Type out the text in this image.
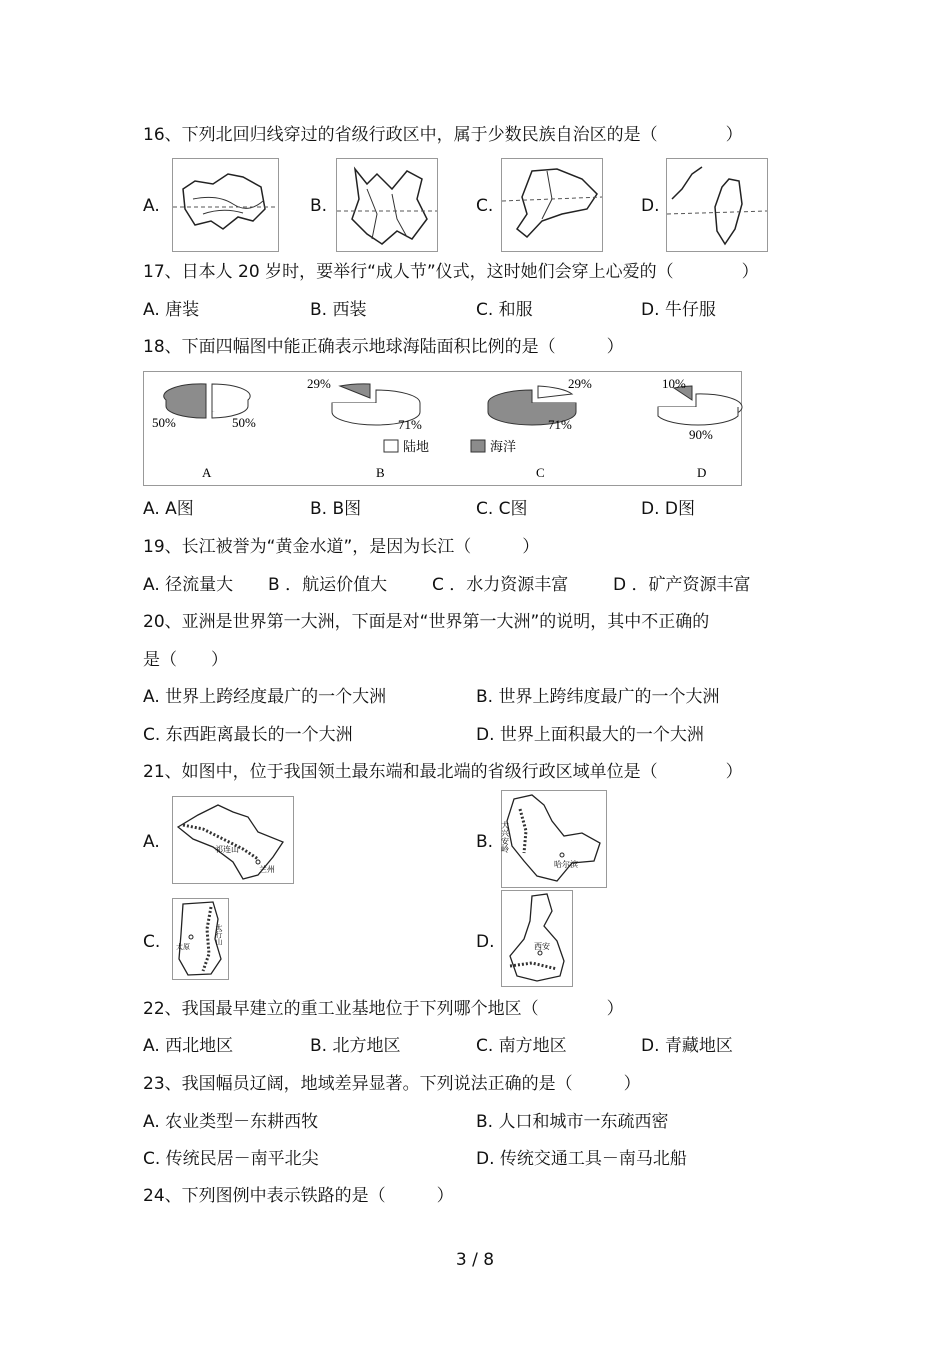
16、下列北回归线穿过的省级行政区中，属于少数民族自治区的是（　　　　）
A.	B.	C.	D.
17、日本人 20 岁时，要举行“成人节”仪式，这时她们会穿上心爱的（　　　　）
A. 唐装	B. 西装	C. 和服	D. 牛仔服
18、下面四幅图中能正确表示地球海陆面积比例的是（　　　）
50%	50%
A
29%
71%
B
29%
71%
C
10%
90%
D
陆地	海洋
A. A图	B. B图	C. C图	D. D图
19、长江被誉为“黄金水道”，是因为长江（　　　）
A. 径流量大 B ．航运价值大	C ．水力资源丰富	D ．矿产资源丰富
20、亚洲是世界第一大洲，下面是对“世界第一大洲”的说明，其中不正确的
是（　　）
A. 世界上跨经度最广的一个大洲	B. 世界上跨纬度最广的一个大洲
C. 东西距离最长的一个大洲	D. 世界上面积最大的一个大洲
21、如图中，位于我国领土最东端和最北端的省级行政区域单位是（　　　　）
A.	祁连山
兰州
B. 大兴安岭
哈尔滨
C. 太原
太行山	D.	西安
22、我国最早建立的重工业基地位于下列哪个地区（　　　　）
A. 西北地区	B. 北方地区	C. 南方地区	D. 青藏地区
23、我国幅员辽阔，地域差异显著。下列说法正确的是（　　　）
A. 农业类型－东耕西牧	B. 人口和城市一东疏西密
C. 传统民居－南平北尖	D. 传统交通工具－南马北船
24、下列图例中表示铁路的是（　　　）
3 / 8
